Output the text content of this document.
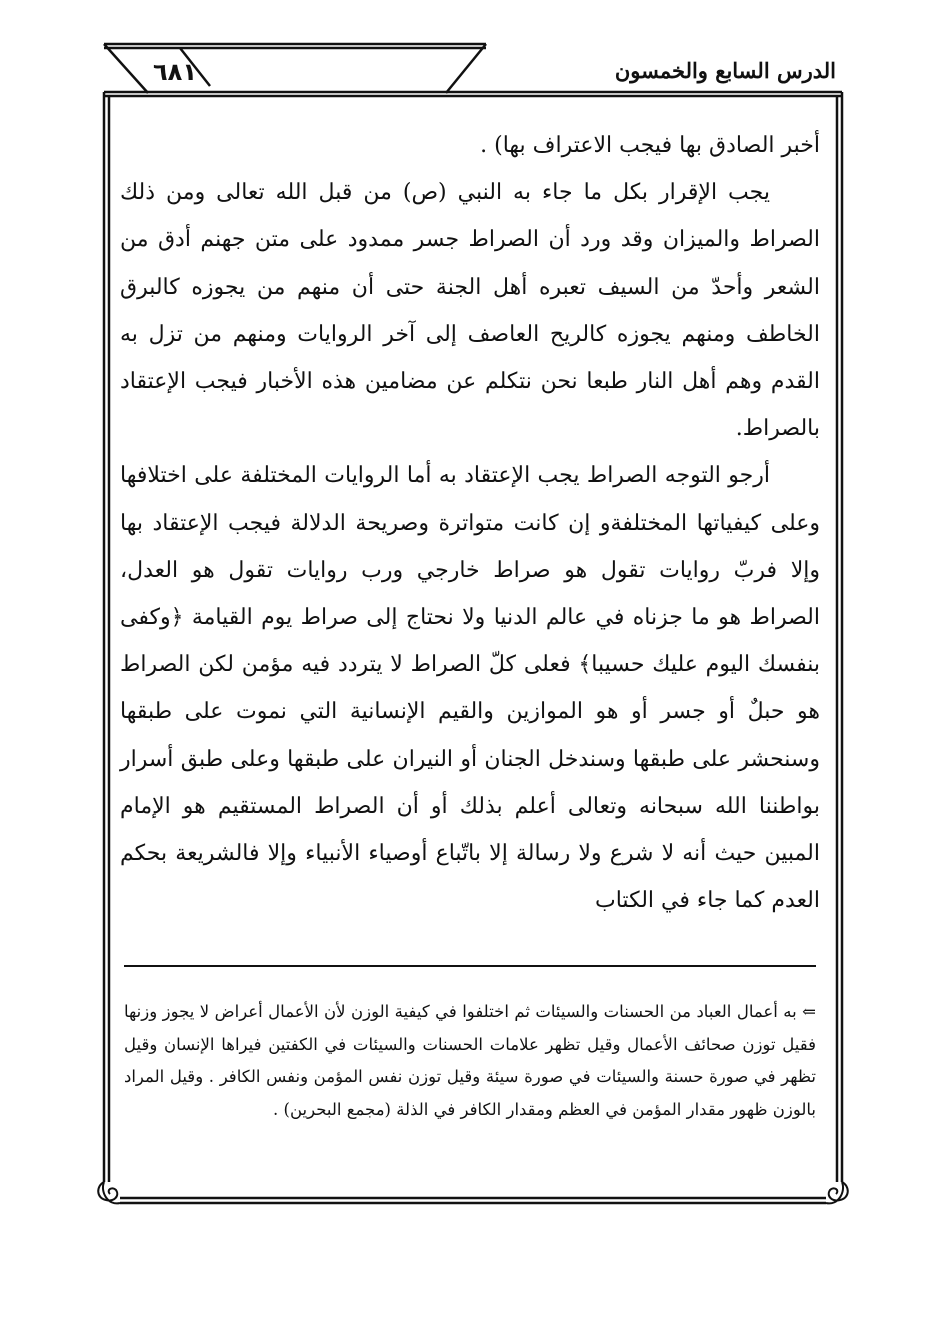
٦٨١	الدرس السابع والخمسون

أخبر الصادق بها فيجب الاعتراف بها) .

يجب الإقرار بكل ما جاء به النبي (ص) من قبل الله تعالى ومن ذلك الصراط والميزان وقد ورد أن الصراط جسر ممدود على متن جهنم أدق من الشعر وأحدّ من السيف تعبره أهل الجنة حتى أن منهم من يجوزه كالبرق الخاطف ومنهم يجوزه كالريح العاصف إلى آخر الروايات ومنهم من تزل به القدم وهم أهل النار طبعا نحن نتكلم عن مضامين هذه الأخبار فيجب الإعتقاد بالصراط.

أرجو التوجه الصراط يجب الإعتقاد به أما الروايات المختلفة على اختلافها وعلى كيفياتها المختلفةو إن كانت متواترة وصريحة الدلالة فيجب الإعتقاد بها وإلا فربّ روايات تقول هو صراط خارجي ورب روايات تقول هو العدل، الصراط هو ما جزناه في عالم الدنيا ولا نحتاج إلى صراط يوم القيامة ﴿وكفى بنفسك اليوم عليك حسيبا﴾ فعلى كلّ الصراط لا يتردد فيه مؤمن لكن الصراط هو حبلٌ أو جسر أو هو الموازين والقيم الإنسانية التي نموت على طبقها وسنحشر على طبقها وسندخل الجنان أو النيران على طبقها وعلى طبق أسرار بواطننا الله سبحانه وتعالى أعلم بذلك أو أن الصراط المستقيم هو الإمام المبين حيث أنه لا شرع ولا رسالة إلا باتّباع أوصياء الأنبياء وإلا فالشريعة بحكم العدم كما جاء في الكتاب

⇐ به أعمال العباد من الحسنات والسيئات ثم اختلفوا في كيفية الوزن لأن الأعمال أعراض لا يجوز وزنها فقيل توزن صحائف الأعمال وقيل تظهر علامات الحسنات والسيئات في الكفتين فيراها الإنسان وقيل تظهر في صورة حسنة والسيئات في صورة سيئة وقيل توزن نفس المؤمن ونفس الكافر . وقيل المراد بالوزن ظهور مقدار المؤمن في العظم ومقدار الكافر في الذلة (مجمع البحرين) .
